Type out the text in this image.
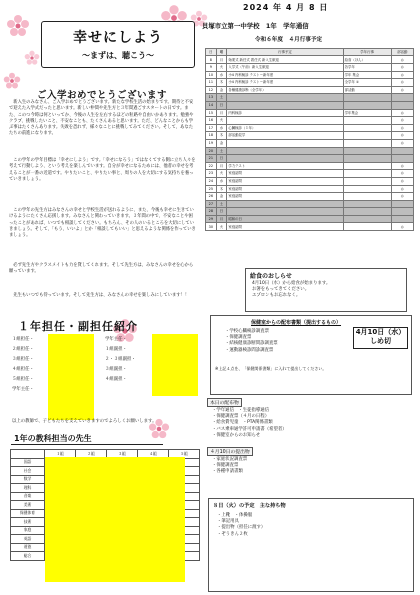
2024 年 4 月 8 日
貝塚市立第一中学校　1年　学年通信
令和６年度　４月行事予定
幸せにしよう
～まずは、聴こう～
ご入学おめでとうございます
　新入生のみなさん、ご入学おめでとうございます。新たな学校生活の始まりです。期待と不安で迎えた入学式だったと思います。新しい仲間や先生方と３年間過ごすスタートの日です。また、このつ今時は何といってか、今後の人生を左右するほどの粒路や自由いかあります。勉強やクラブ、挑戦したいこと、不安なことも、たくさんあると思います。ただ、どんなことからも学ぶ事はたくさんあります。失敗を恐れず、様々なことに挑戦してみてください。そして、あなたたちの前進になります。
　この学年の学年目標は「幸せにしよう」です。「幸せになろう」ではなくてする側に立ち人々を考えて行動しよう、という考えを楽しんでいます。自分が幸せになるためには、他者の幸せを考えることが一番の近道です。やりたいこと、やりたい事と、周りの人を大切にする気持ちを養っていきましょう。
　この学年の先生方はみなさんの幸せと学校生活が送れるように、また、今後も幸せに生きていけるようにたくさん応援します。みなさんと関わっていきます。３年間の中で、不安なことや困ったことがあれば、いつでも相談してください。もちろん、その人のいるところを大切にしていきましょう。そして、「もう、いいよ」とか「相談してもいい」と思えるような関係を作っていきましょう。
　必ず先生方やクラスメイトも力を貸してくれます。そして先生方は、みなさんの幸せを心から願っています。
　先生もいつでも待っています。そして先生方は、みなさんの幸せを楽しみにしています！！
１年担任・副担任紹介
１組担任・
２組担任・
３組担任・
４組担任・
５組担任・
学年主任・
学年主任・
１組副担・
２・３組副担・
３組副担・
４組副担・
以上の教師で、子どもたちを支えていきますのでよろしくお願いします。
1年の教科担当の先生
	１組	２組	３組	４組	５組
国語					
社会					
数学					
理科					
音楽					
美術					
保健体育					
技術					
家庭					
英語					
道徳					
総合					
日	曜	行事予定	学年行事	部活動
8	月	始業式 新任式 着任式 新入生歓迎	給食（ほん）	◎
9	火	入学式（午前）新入生歓迎	各学年	◎
10	水	小4 内科検診 テストー新年度	学年 集会	◎
11	木	小4 内科検診 テストー新年度	全学年 ①	◎
12	金	各種健康診断（全学年）	部活動	◎
13	土			
14	日			
15	月	内科検診	学年集会	◎
16	火			◎
17	水	心臓検診（１年）		◎
18	木	部活動見学		◎
19	金			◎
20	土			
21	日			
22	月	学力テスト		◎
23	火	家庭訪問		◎
24	水	家庭訪問		◎
25	木	家庭訪問		◎
26	金	家庭訪問		◎
27	土			
28	日			
29	月	昭和の日		
30	火	家庭訪問		◎
給食のおしらせ
4月10日（水）から給食が始まります。
お箸をもってきてください。
エプロンもお忘れなく。
保健室からの配布書類（提出するもの）
・学校心臓検診調査票
・保健調査票
・結核健康診断問診調査票
・運動器検診問診調査票
※上記４点を、「保健関係書類」に入れて提出してください。
4月10日（水）
しめ切
本日の配布物
・学年通信　・生徒指導通信
・保健調査票（４月の日程）
・給食費児童　・PTA関係書類
・バス乗車通学許可申請書（希望者）
・保健室からのお知らせ
４月10日の提出物
・家庭状況調査票
・保健調査票
・各種申請書類
８日（火）の予定　主な持ち物
・上靴　・体操服
・筆記用具
・提出物（担任に渡す）
・ぞうきん２枚
